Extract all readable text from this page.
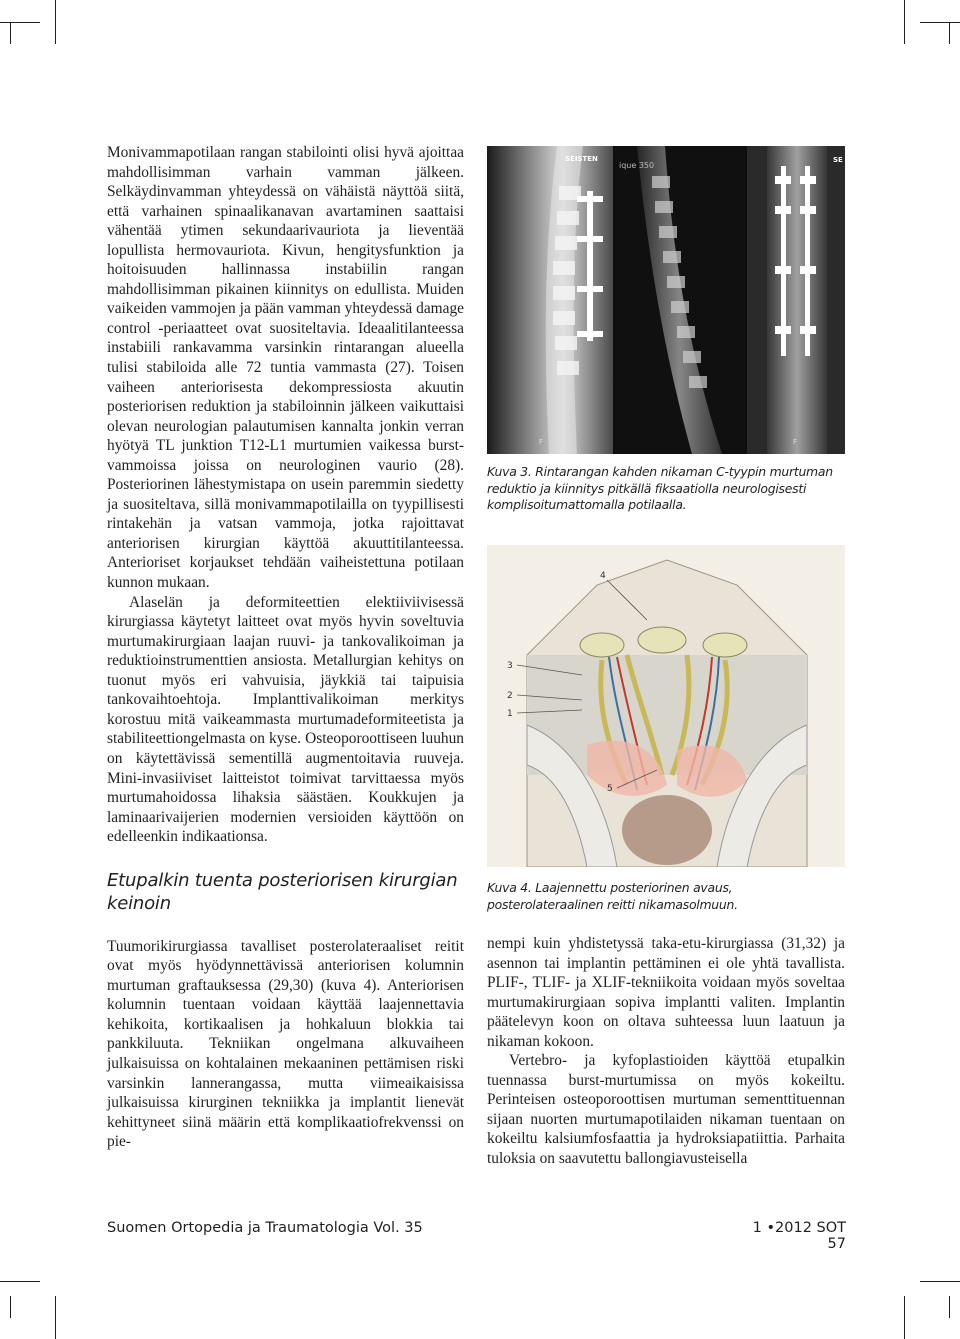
Monivammapotilaan rangan stabilointi olisi hyvä ajoittaa mahdollisimman varhain vamman jälkeen. Selkäydinvamman yhteydessä on vähäistä näyttöä siitä, että varhainen spinaalikanavan avartaminen saattaisi vähentää ytimen sekundaarivauriota ja lieventää lopullista hermovauriota. Kivun, hengitysfunktion ja hoitoisuuden hallinnassa instabiilin rangan mahdollisimman pikainen kiinnitys on edullista. Muiden vaikeiden vammojen ja pään vamman yhteydessä damage control -periaatteet ovat suositeltavia. Ideaalitilanteessa instabiili rankavamma varsinkin rintarangan alueella tulisi stabiloida alle 72 tuntia vammasta (27). Toisen vaiheen anteriorisesta dekompressiosta akuutin posteriorisen reduktion ja stabiloinnin jälkeen vaikuttaisi olevan neurologian palautumisen kannalta jonkin verran hyötyä TL junktion T12-L1 murtumien vaikessa burst-vammoissa joissa on neurologinen vaurio (28). Posteriorinen lähestymistapa on usein paremmin siedetty ja suositeltava, sillä monivammapotilailla on tyypillisesti rintakehän ja vatsan vammoja, jotka rajoittavat anteriorisen kirurgian käyttöä akuuttitilanteessa. Anterioriset korjaukset tehdään vaiheistettuna potilaan kunnon mukaan.

Alaselän ja deformiteettien elektiiviivisessä kirurgiassa käytetyt laitteet ovat myös hyvin soveltuvia murtumakirurgiaan laajan ruuvi- ja tankovalikoiman ja reduktioinstrumenttien ansiosta. Metallurgian kehitys on tuonut myös eri vahvuisia, jäykkiä tai taipuisia tankovaihtoehtoja. Implanttivalikoiman merkitys korostuu mitä vaikeammasta murtumadeformiteetista ja stabiliteettiongelmasta on kyse. Osteoporoottiseen luuhun on käytettävissä sementillä augmentoitavia ruuveja. Mini-invasiiviset laitteistot toimivat tarvittaessa myös murtumahoidossa lihaksia säästäen. Koukkujen ja laminaarivaijerien modernien versioiden käyttöön on edelleenkin indikaationsa.

Etupalkin tuenta posteriorisen kirurgian keinoin

Tuumorikirurgiassa tavalliset posterolateraaliset reitit ovat myös hyödynnettävissä anteriorisen kolumnin murtuman graftauksessa (29,30) (kuva 4). Anteriorisen kolumnin tuentaan voidaan käyttää laajennettavia kehikoita, kortikaalisen ja hohkaluun blokkia tai pankkiluuta. Tekniikan ongelmana alkuvaiheen julkaisuissa on kohtalainen mekaaninen pettämisen riski varsinkin lannerangassa, mutta viimeaikaisissa julkaisuissa kirurginen tekniikka ja implantit lienevät kehittyneet siinä määrin että komplikaatiofrekvenssi on pie-

SEISTEN
F
ique 350
SE
F
Kuva 3. Rintarangan kahden nikaman C-tyypin murtuman reduktio ja kiinnitys pitkällä fiksaatiolla neurologisesti komplisoitumattomalla potilaalla.
4
3
2
1
5
Kuva 4. Laajennettu posteriorinen avaus, posterolateraalinen reitti nikamasolmuun.

nempi kuin yhdistetyssä taka-etu-kirurgiassa (31,32) ja asennon tai implantin pettäminen ei ole yhtä tavallista. PLIF-, TLIF- ja XLIF-tekniikoita voidaan myös soveltaa murtumakirurgiaan sopiva implantti valiten. Implantin päätelevyn koon on oltava suhteessa luun laatuun ja nikaman kokoon.

Vertebro- ja kyfoplastioiden käyttöä etupalkin tuennassa burst-murtumissa on myös kokeiltu. Perinteisen osteoporoottisen murtuman sementtituennan sijaan nuorten murtumapotilaiden nikaman tuentaan on kokeiltu kalsiumfosfaattia ja hydroksiapatiittia. Parhaita tuloksia on saavutettu ballongiavusteisella

Suomen Ortopedia ja Traumatologia Vol. 35	1 •2012 SOT 57
